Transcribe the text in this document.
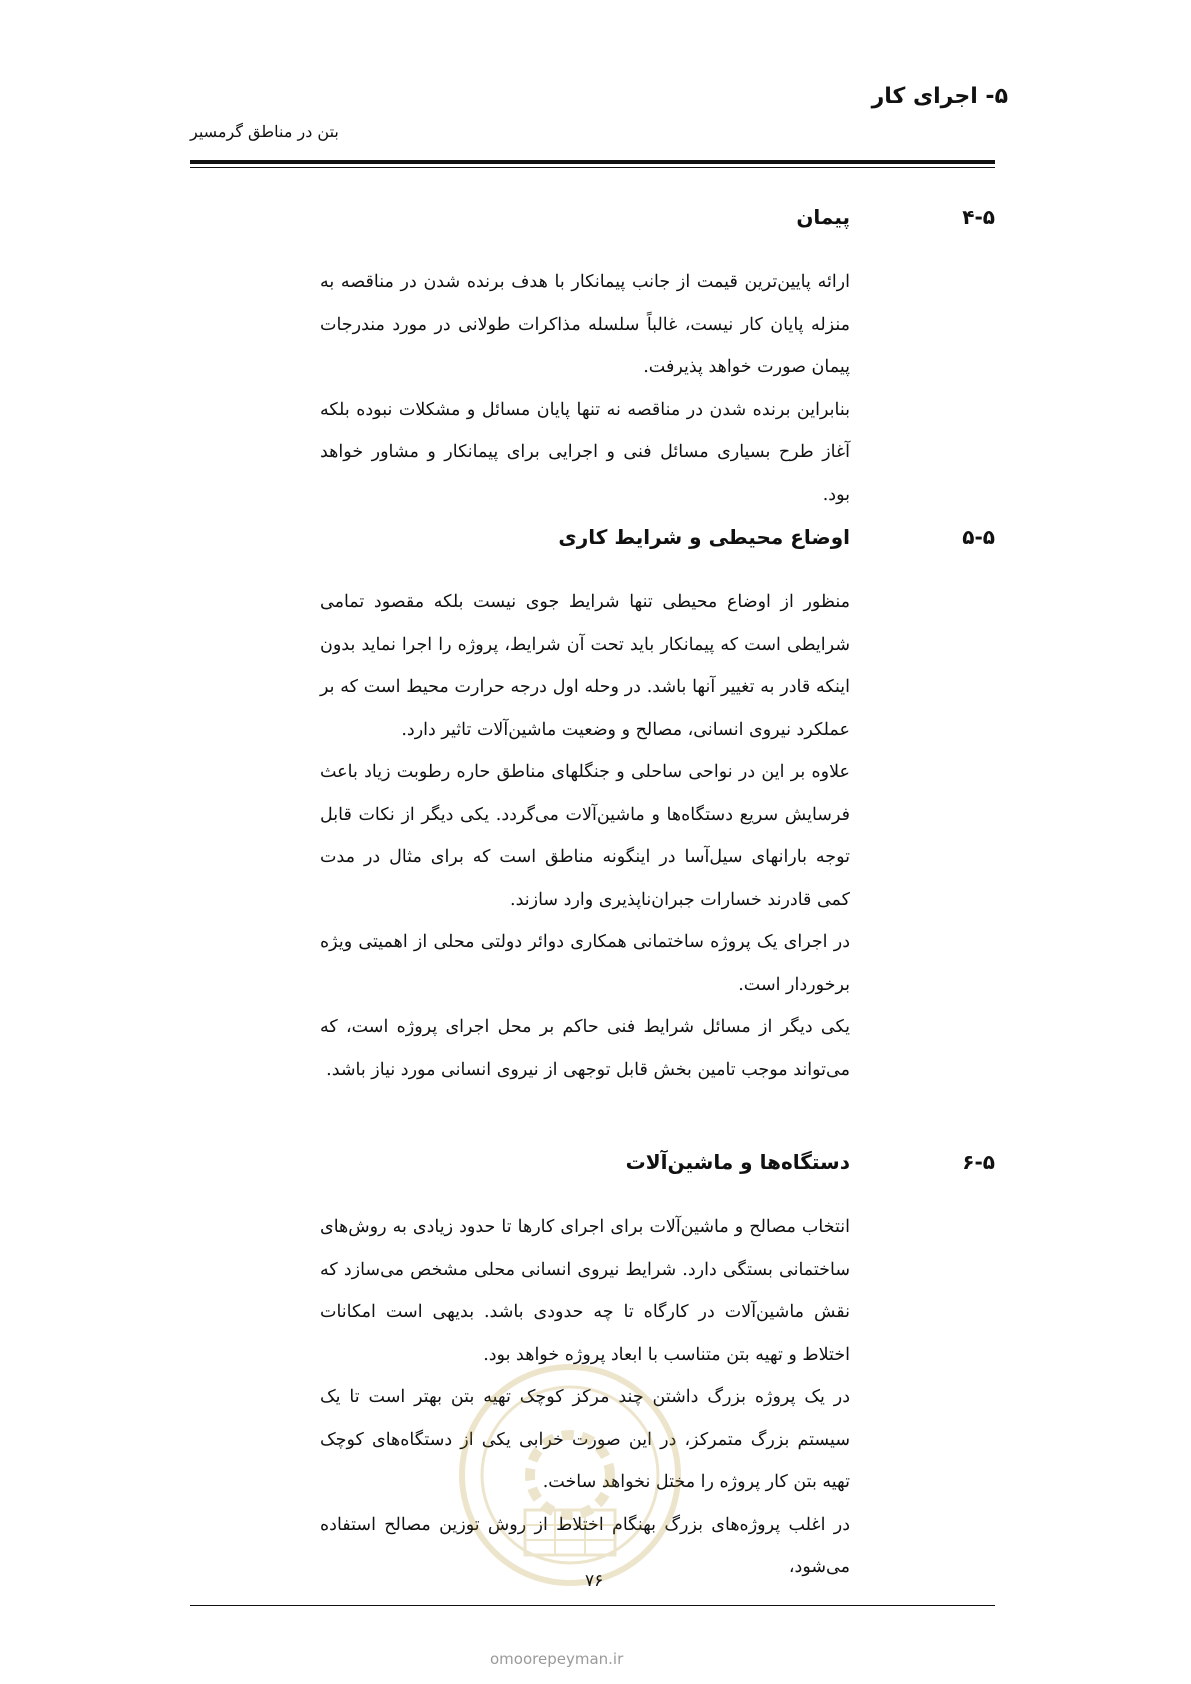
۵- اجرای کار
بتن در مناطق گرمسیر
۴-۵
پیمان

ارائه پایین‌ترین قیمت از جانب پیمانکار با هدف برنده شدن در مناقصه به منزله پایان کار نیست، غالباً سلسله مذاکرات طولانی در مورد مندرجات پیمان صورت خواهد پذیرفت.

بنابراین برنده شدن در مناقصه نه تنها پایان مسائل و مشکلات نبوده بلکه آغاز طرح بسیاری مسائل فنی و اجرایی برای پیمانکار و مشاور خواهد بود.

۵-۵
اوضاع محیطی و شرایط کاری

منظور از اوضاع محیطی تنها شرایط جوی نیست بلکه مقصود تمامی شرایطی است که پیمانکار باید تحت آن شرایط، پروژه را اجرا نماید بدون اینکه قادر به تغییر آنها باشد. در وحله اول درجه حرارت محیط است که بر عملکرد نیروی انسانی، مصالح و وضعیت ماشین‌آلات تاثیر دارد.

علاوه بر این در نواحی ساحلی و جنگلهای مناطق حاره رطوبت زیاد باعث فرسایش سریع دستگاه‌ها و ماشین‌آلات می‌گردد. یکی دیگر از نکات قابل توجه بارانهای سیل‌آسا در اینگونه مناطق است که برای مثال در مدت کمی قادرند خسارات جبران‌ناپذیری وارد سازند.

در اجرای یک پروژه ساختمانی همکاری دوائر دولتی محلی از اهمیتی ویژه برخوردار است.

یکی دیگر از مسائل شرایط فنی حاکم بر محل اجرای پروژه است، که می‌تواند موجب تامین بخش قابل توجهی از نیروی انسانی مورد نیاز باشد.

۶-۵
دستگاه‌ها و ماشین‌آلات

انتخاب مصالح و ماشین‌آلات برای اجرای کارها تا حدود زیادی به روش‌های ساختمانی بستگی دارد. شرایط نیروی انسانی محلی مشخص می‌سازد که نقش ماشین‌آلات در کارگاه تا چه حدودی باشد. بدیهی است امکانات اختلاط و تهیه بتن متناسب با ابعاد پروژه خواهد بود.

در یک پروژه بزرگ داشتن چند مرکز کوچک تهیه بتن بهتر است تا یک سیستم بزرگ متمرکز، در این صورت خرابی یکی از دستگاه‌های کوچک تهیه بتن کار پروژه را مختل نخواهد ساخت.

در اغلب پروژه‌های بزرگ بهنگام اختلاط از روش توزین مصالح استفاده می‌شود،

۷۶
omoorepeyman.ir
